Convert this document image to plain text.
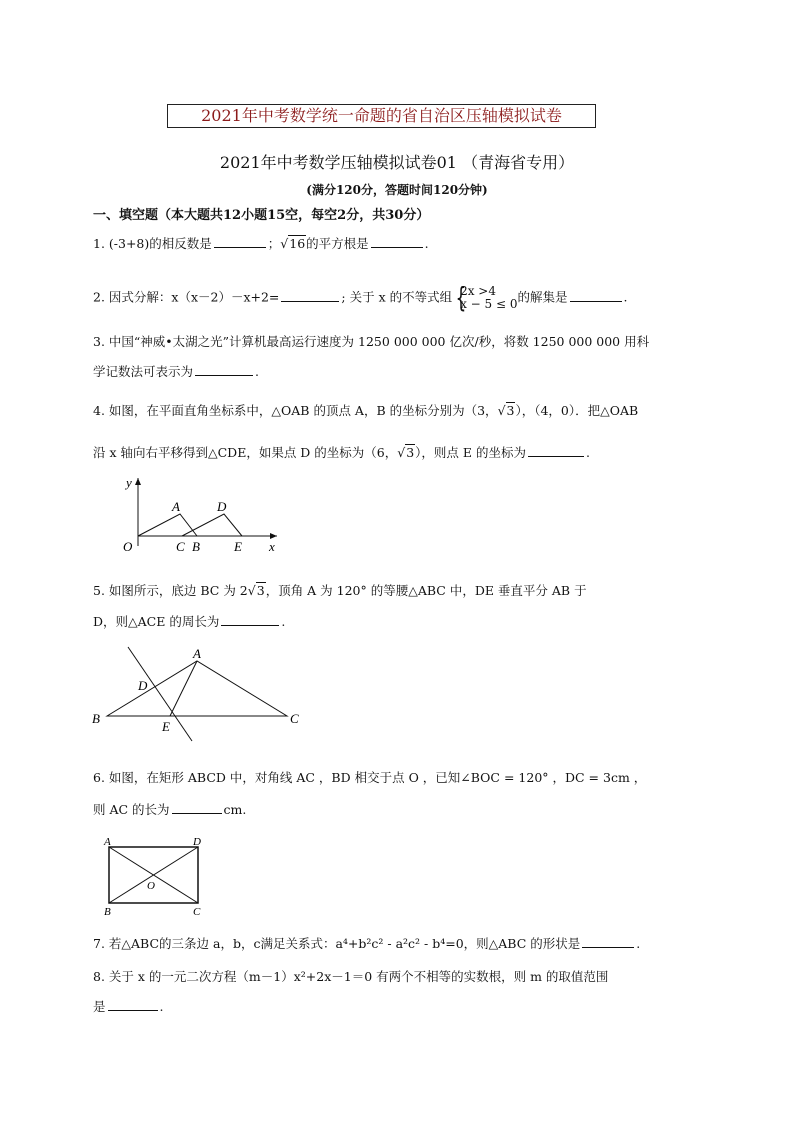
2021年中考数学统一命题的省自治区压轴模拟试卷
2021年中考数学压轴模拟试卷01 （青海省专用）
(满分120分，答题时间120分钟)
一、填空题（本大题共12小题15空，每空2分，共30分）
1. (-3+8)的相反数是	；√16的平方根是	.
2. 因式分解：x（x－2）－x+2=	; 关于 x 的不等式组 {
2x >4
x − 5 ≤ 0 的解集是	.
3. 中国“神威•太湖之光”计算机最高运行速度为 1250 000 000 亿次/秒，将数 1250 000 000 用科
学记数法可表示为	.
4. 如图，在平面直角坐标系中，△OAB 的顶点 A，B 的坐标分别为（3，√3），（4，0）．把△OAB
沿 x 轴向右平移得到△CDE，如果点 D 的坐标为（6，√3），则点 E 的坐标为	.
y
x
O
A
C B
D
E
5. 如图所示，底边 BC 为 2√3，顶角 A 为 120° 的等腰△ABC 中，DE 垂直平分 AB 于
D，则△ACE 的周长为	.
A
B	C
D
E
6. 如图，在矩形 ABCD 中，对角线 AC ，BD 相交于点 O ，已知∠BOC = 120° ，DC = 3cm ，
则 AC 的长为	cm.
A	D
B	C
O
7. 若△ABC的三条边 a，b，c满足关系式：a⁴+b²c² - a²c² - b⁴=0，则△ABC 的形状是	.
8. 关于 x 的一元二次方程（m－1）x²+2x－1＝0 有两个不相等的实数根，则 m 的取值范围
是	.
